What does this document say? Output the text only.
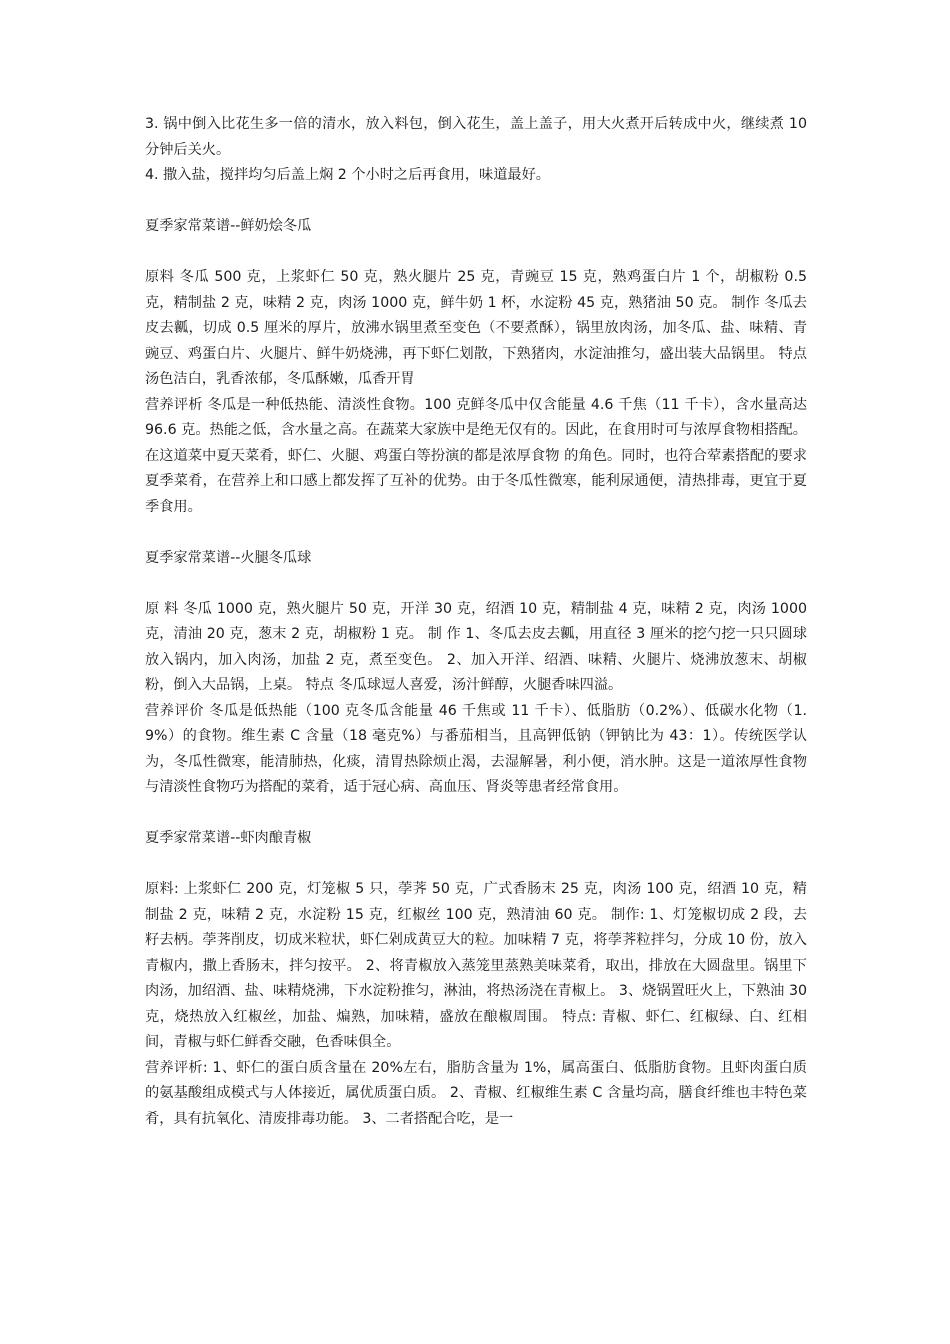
3. 锅中倒入比花生多一倍的清水，放入料包，倒入花生，盖上盖子，用大火煮开后转成中火，继续煮 10 分钟后关火。

4. 撒入盐，搅拌均匀后盖上焖 2 个小时之后再食用，味道最好。

夏季家常菜谱--鲜奶烩冬瓜

原料 冬瓜 500 克，上浆虾仁 50 克，熟火腿片 25 克，青豌豆 15 克，熟鸡蛋白片 1 个，胡椒粉 0.5 克，精制盐 2 克，味精 2 克，肉汤 1000 克，鲜牛奶 1 杯，水淀粉 45 克，熟猪油 50 克。 制作 冬瓜去皮去瓤，切成 0.5 厘米的厚片，放沸水锅里煮至变色（不要煮酥），锅里放肉汤，加冬瓜、盐、味精、青豌豆、鸡蛋白片、火腿片、鲜牛奶烧沸，再下虾仁划散，下熟猪肉，水淀油推匀，盛出装大品锅里。 特点 汤色洁白，乳香浓郁，冬瓜酥嫩，瓜香开胃

营养评析 冬瓜是一种低热能、清淡性食物。100 克鲜冬瓜中仅含能量 4.6 千焦（11 千卡），含水量高达 96.6 克。热能之低，含水量之高。在蔬菜大家族中是绝无仅有的。因此，在食用时可与浓厚食物相搭配。在这道菜中夏天菜肴，虾仁、火腿、鸡蛋白等扮演的都是浓厚食物 的角色。同时，也符合荤素搭配的要求夏季菜肴，在营养上和口感上都发挥了互补的优势。由于冬瓜性微寒，能利尿通便，清热排毒，更宜于夏季食用。

夏季家常菜谱--火腿冬瓜球

原 料 冬瓜 1000 克，熟火腿片 50 克，开洋 30 克，绍酒 10 克，精制盐 4 克，味精 2 克，肉汤 1000 克，清油 20 克，葱末 2 克，胡椒粉 1 克。 制 作 1、冬瓜去皮去瓤，用直径 3 厘米的挖勺挖一只只圆球放入锅内，加入肉汤，加盐 2 克，煮至变色。 2、加入开洋、绍酒、味精、火腿片、烧沸放葱末、胡椒粉，倒入大品锅，上桌。 特点 冬瓜球逗人喜爱，汤汁鲜醇，火腿香味四溢。

营养评价 冬瓜是低热能（100 克冬瓜含能量 46 千焦或 11 千卡）、低脂肪（0.2%）、低碳水化物（1.9%）的食物。维生素 C 含量（18 毫克%）与番茄相当，且高钾低钠（钾钠比为 43：1）。传统医学认为，冬瓜性微寒，能清肺热，化痰，清胃热除烦止渴，去湿解暑，利小便，消水肿。这是一道浓厚性食物与清淡性食物巧为搭配的菜肴，适于冠心病、高血压、肾炎等患者经常食用。

夏季家常菜谱--虾肉酿青椒

原料: 上浆虾仁 200 克，灯笼椒 5 只，荸荠 50 克，广式香肠末 25 克，肉汤 100 克，绍酒 10 克，精制盐 2 克，味精 2 克，水淀粉 15 克，红椒丝 100 克，熟清油 60 克。 制作: 1、灯笼椒切成 2 段，去籽去柄。荸荠削皮，切成米粒状，虾仁剁成黄豆大的粒。加味精 7 克，将荸荠粒拌匀，分成 10 份，放入青椒内，撒上香肠末，拌匀按平。 2、将青椒放入蒸笼里蒸熟美味菜肴，取出，排放在大圆盘里。锅里下肉汤，加绍酒、盐、味精烧沸，下水淀粉推匀，淋油，将热汤浇在青椒上。 3、烧锅置旺火上，下熟油 30 克，烧热放入红椒丝，加盐、煸熟，加味精，盛放在酿椒周围。 特点: 青椒、虾仁、红椒绿、白、红相间，青椒与虾仁鲜香交融，色香味俱全。

营养评析: 1、虾仁的蛋白质含量在 20%左右，脂肪含量为 1%，属高蛋白、低脂肪食物。且虾肉蛋白质的氨基酸组成模式与人体接近，属优质蛋白质。 2、青椒、红椒维生素 C 含量均高，膳食纤维也丰特色菜肴，具有抗氧化、清废排毒功能。 3、二者搭配合吃，是一
